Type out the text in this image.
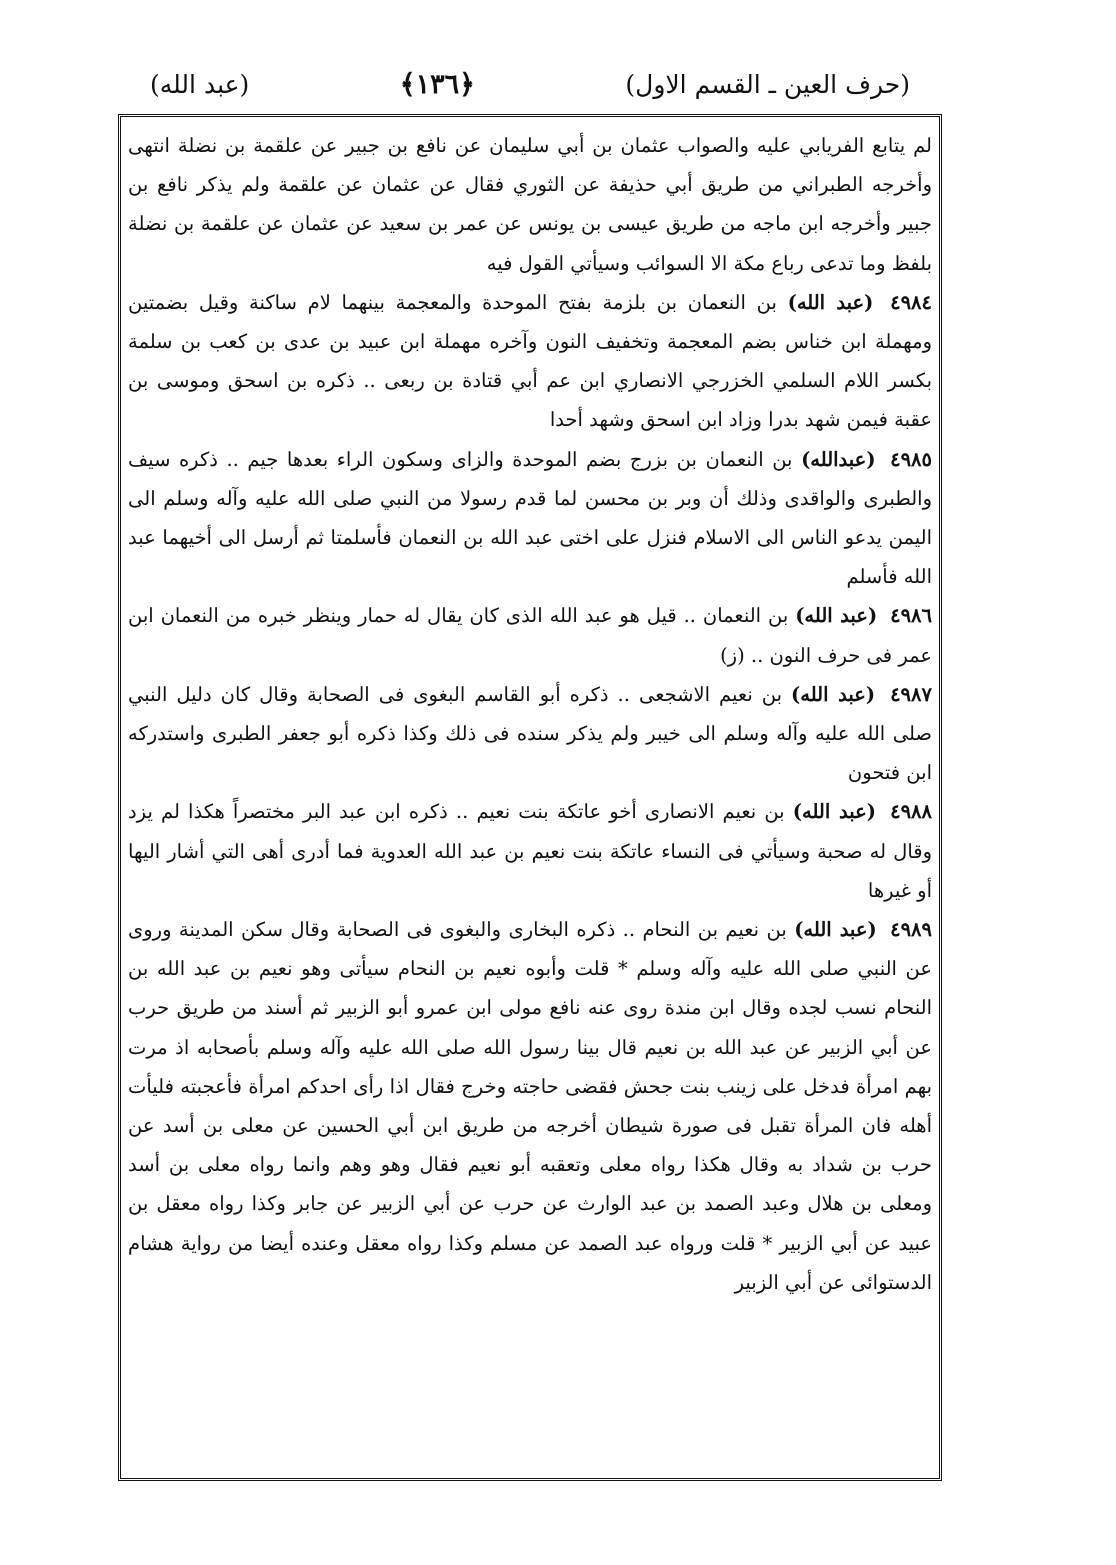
(حرف العين ـ القسم الاول)
﴿١٣٦﴾
(عبد الله)

لم يتابع الفريابي عليه والصواب عثمان بن أبي سليمان عن نافع بن جبير عن علقمة بن نضلة انتهى وأخرجه الطبراني من طريق أبي حذيفة عن الثوري فقال عن عثمان عن علقمة ولم يذكر نافع بن جبير وأخرجه ابن ماجه من طريق عيسى بن يونس عن عمر بن سعيد عن عثمان عن علقمة بن نضلة بلفظ وما تدعى رباع مكة الا السوائب وسيأتي القول فيه

٤٩٨٤ (عبد الله) بن النعمان بن بلزمة بفتح الموحدة والمعجمة بينهما لام ساكنة وقيل بضمتين ومهملة ابن خناس بضم المعجمة وتخفيف النون وآخره مهملة ابن عبيد بن عدى بن كعب بن سلمة بكسر اللام السلمي الخزرجي الانصاري ابن عم أبي قتادة بن ربعى .. ذكره بن اسحق وموسى بن عقبة فيمن شهد بدرا وزاد ابن اسحق وشهد أحدا

٤٩٨٥ (عبدالله) بن النعمان بن بزرج بضم الموحدة والزاى وسكون الراء بعدها جيم .. ذكره سيف والطبرى والواقدى وذلك أن وبر بن محسن لما قدم رسولا من النبي صلى الله عليه وآله وسلم الى اليمن يدعو الناس الى الاسلام فنزل على اختى عبد الله بن النعمان فأسلمتا ثم أرسل الى أخيهما عبد الله فأسلم

٤٩٨٦ (عبد الله) بن النعمان .. قيل هو عبد الله الذى كان يقال له حمار وينظر خبره من النعمان ابن عمر فى حرف النون .. (ز)

٤٩٨٧ (عبد الله) بن نعيم الاشجعى .. ذكره أبو القاسم البغوى فى الصحابة وقال كان دليل النبي صلى الله عليه وآله وسلم الى خيبر ولم يذكر سنده فى ذلك وكذا ذكره أبو جعفر الطبرى واستدركه ابن فتحون

٤٩٨٨ (عبد الله) بن نعيم الانصارى أخو عاتكة بنت نعيم .. ذكره ابن عبد البر مختصراً هكذا لم يزد وقال له صحبة وسيأتي فى النساء عاتكة بنت نعيم بن عبد الله العدوية فما أدرى أهى التي أشار اليها أو غيرها

٤٩٨٩ (عبد الله) بن نعيم بن النحام .. ذكره البخارى والبغوى فى الصحابة وقال سكن المدينة وروى عن النبي صلى الله عليه وآله وسلم * قلت وأبوه نعيم بن النحام سيأتى وهو نعيم بن عبد الله بن النحام نسب لجده وقال ابن مندة روى عنه نافع مولى ابن عمرو أبو الزبير ثم أسند من طريق حرب عن أبي الزبير عن عبد الله بن نعيم قال بينا رسول الله صلى الله عليه وآله وسلم بأصحابه اذ مرت بهم امرأة فدخل على زينب بنت جحش فقضى حاجته وخرج فقال اذا رأى احدكم امرأة فأعجبته فليأت أهله فان المرأة تقبل فى صورة شيطان أخرجه من طريق ابن أبي الحسين عن معلى بن أسد عن حرب بن شداد به وقال هكذا رواه معلى وتعقبه أبو نعيم فقال وهو وهم وانما رواه معلى بن أسد ومعلى بن هلال وعبد الصمد بن عبد الوارث عن حرب عن أبي الزبير عن جابر وكذا رواه معقل بن عبيد عن أبي الزبير * قلت ورواه عبد الصمد عن مسلم وكذا رواه معقل وعنده أيضا من رواية هشام الدستوائى عن أبي الزبير
